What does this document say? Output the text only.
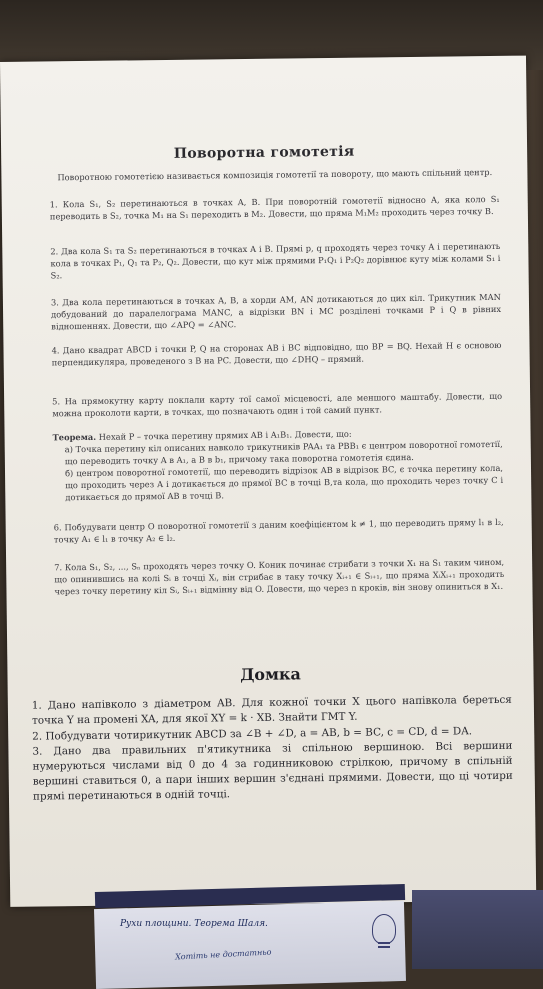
Поворотна гомотетія
Поворотною гомотетією називається композиція гомотетії та повороту, що мають спільний центр.
1. Кола S₁, S₂ перетинаються в точках A, B. При поворотній гомотетії відносно A, яка коло S₁ переводить в S₂, точка M₁ на S₁ переходить в M₂. Довести, що пряма M₁M₂ проходить через точку B.
2. Два кола S₁ та S₂ перетинаються в точках A і B. Прямі p, q проходять через точку A і перетинають кола в точках P₁, Q₁ та P₂, Q₂. Довести, що кут між прямими P₁Q₁ і P₂Q₂ дорівнює куту між колами S₁ і S₂.
3. Два кола перетинаються в точках A, B, а хорди AM, AN дотикаються до цих кіл. Трикутник MAN добудований до паралелограма MANC, а відрізки BN і MC розділені точками P і Q в рівних відношеннях. Довести, що ∠APQ = ∠ANC.
4. Дано квадрат ABCD і точки P, Q на сторонах AB і BC відповідно, що BP = BQ. Нехай H є основою перпендикуляра, проведеного з B на PC. Довести, що ∠DHQ – прямий.
5. На прямокутну карту поклали карту тої самої місцевості, але меншого маштабу. Довести, що можна проколоти карти, в точках, що позначають один і той самий пункт.
Теорема. Нехай P – точка перетину прямих AB і A₁B₁. Довести, що:
а) Точка перетину кіл описаних навколо трикутників PAA₁ та PBB₁ є центром поворотної гомотетії, що переводить точку A в A₁, а B в b₁, причому така поворотна гомотетія єдина.
б) центром поворотної гомотетії, що переводить відрізок AB в відрізок BC, є точка перетину кола, що проходить через A і дотикається до прямої BC в точці B,та кола, що проходить через точку C і дотикається до прямої AB в точці B.
6. Побудувати центр O поворотної гомотетії з даним коефіцієнтом k ≠ 1, що переводить пряму l₁ в l₂, точку A₁ ∈ l₁ в точку A₂ ∈ l₂.
7. Кола S₁, S₂, ..., Sₙ проходять через точку O. Коник починає стрибати з точки X₁ на S₁ таким чином, що опинившись на колі Sᵢ в точці Xᵢ, він стрибає в таку точку Xᵢ₊₁ ∈ Sᵢ₊₁, що пряма XᵢXᵢ₊₁ проходить через точку перетину кіл Sᵢ, Sᵢ₊₁ відмінну від O. Довести, що через n кроків, він знову опиниться в X₁.
Домка
1. Дано напівколо з діаметром AB. Для кожної точки X цього напівкола береться точка Y на промені XA, для якої XY = k · XB. Знайти ГМТ Y.
2. Побудувати чотирикутник ABCD за ∠B + ∠D, a = AB, b = BC, c = CD, d = DA.
3. Дано два правильних п'ятикутника зі спільною вершиною. Всі вершини нумеруються числами від 0 до 4 за годинниковою стрілкою, причому в спільній вершині ставиться 0, а пари інших вершин з'єднані прямими. Довести, що ці чотири прямі перетинаються в одній точці.
Рухи площини. Теорема Шаля.
Хотіть не достатньо
